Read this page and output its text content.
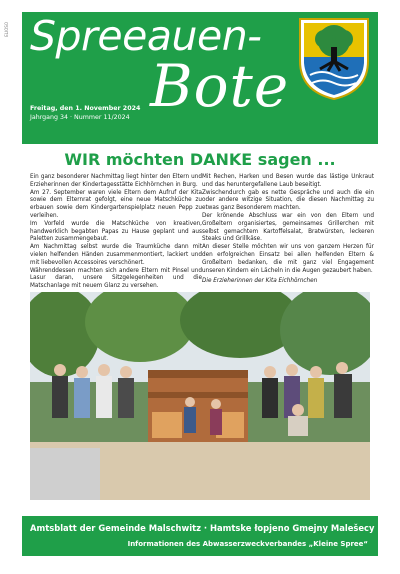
ELIOSO Spreeauen-
Bote
Freitag, den 1. November 2024
Jahrgang 34 · Nummer 11/2024
WIR möchten DANKE sagen ...

Ein ganz besonderer Nachmittag liegt hinter den Eltern und Erzieherinnen der Kindertagesstätte Eichhörnchen in Burg.

Am 27. September waren viele Eltern dem Aufruf der Kita sowie dem Elternrat gefolgt, eine neue Matschküche zu erbauen sowie dem Kindergartenspielplatz neuen Pepp zu verleihen.

Im Vorfeld wurde die Matschküche von kreativen, handwerklich begabten Papas zu Hause geplant und aus Paletten zusammengebaut.

Am Nachmittag selbst wurde die Traumküche dann mit vielen helfenden Händen zusammenmontiert, lackiert und mit liebevollen Accessoires verschönert.

Währenddessen machten sich andere Eltern mit Pinsel und Lasur daran, unsere Sitzgelegenheiten und die Matschanlage mit neuem Glanz zu versehen.

Mit Rechen, Harken und Besen wurde das lästige Unkraut und das heruntergefallene Laub beseitigt.

Zwischendurch gab es nette Gespräche und auch die ein oder andere witzige Situation, die diesen Nachmittag zu etwas ganz Besonderem machten.

Der krönende Abschluss war ein von den Eltern und Großeltern organisiertes, gemeinsames Grillerchen mit selbst gemachtem Kartoffelsalat, Bratwürsten, leckeren Steaks und Grillkäse.

An dieser Stelle möchten wir uns von ganzem Herzen für den erfolgreichen Einsatz bei allen helfenden Eltern & Großeltern bedanken, die mit ganz viel Engagement unseren Kindern ein Lächeln in die Augen gezaubert haben.

Die Erzieherinnen der Kita Eichhörnchen

Amtsblatt der Gemeinde Malschwitz · Hamtske łopjeno Gmejny Malešecy
Informationen des Abwasserzweckverbandes „Kleine Spree“
